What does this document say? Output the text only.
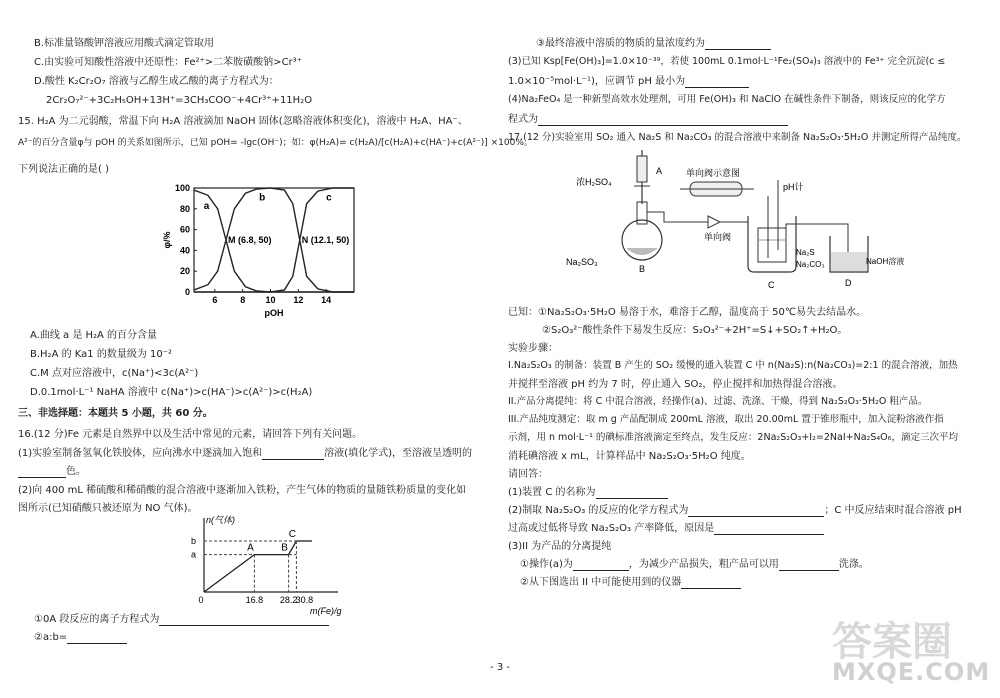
B.标准量铬酸钾溶液应用酸式滴定管取用
C.由实验可知酸性溶液中还原性：Fe²⁺>二苯胺磺酸钠>Cr³⁺
D.酸性 K₂Cr₂O₇ 溶液与乙醇生成乙酸的离子方程式为：
2Cr₂O₇²⁻+3C₂H₅OH+13H⁺=3CH₃COO⁻+4Cr³⁺+11H₂O
15. H₂A 为二元弱酸，常温下向 H₂A 溶液滴加 NaOH 固体(忽略溶液体积变化)，溶液中 H₂A、HA⁻、
A²⁻的百分含量φ与 pOH 的关系如图所示，已知 pOH= -lgc(OH⁻)；如：φ(H₂A)= c(H₂A)/[c(H₂A)+c(HA⁻)+c(A²⁻)] ×100%。
下列说法正确的是( )
0
20
40
60
80
100
6	8 10 12 14
pOH
φ/%
a
b	c
M (6.8, 50)	N (12.1, 50)
A.曲线 a 是 H₂A 的百分含量
B.H₂A 的 Ka1 的数量级为 10⁻²
C.M 点对应溶液中，c(Na⁺)<3c(A²⁻)
D.0.1mol·L⁻¹ NaHA 溶液中 c(Na⁺)>c(HA⁻)>c(A²⁻)>c(H₂A)
三、非选择题：本题共 5 小题，共 60 分。
16.(12 分)Fe 元素是自然界中以及生活中常见的元素，请回答下列有关问题。
(1)实验室制备氢氧化铁胶体，应向沸水中逐滴加入饱和	溶液(填化学式)，至溶液呈透明的
色。
(2)向 400 mL 稀硫酸和稀硝酸的混合溶液中逐渐加入铁粉，产生气体的物质的量随铁粉质量的变化如
图所示(已知硝酸只被还原为 NO 气体)。
n(气体)
m(Fe)/g
a
b
A	B
C
0	16.8 28.2
30.8
①0A 段反应的离子方程式为
②a:b=
③最终溶液中溶质的物质的量浓度约为
(3)已知 Ksp[Fe(OH)₃]=1.0×10⁻³⁹，若使 100mL 0.1mol·L⁻¹Fe₂(SO₄)₃ 溶液中的 Fe³⁺ 完全沉淀(c ≤
1.0×10⁻⁵mol·L⁻¹)，应调节 pH 最小为
(4)Na₂FeO₄ 是一种新型高效水处理剂，可用 Fe(OH)₃ 和 NaClO 在碱性条件下制备，则该反应的化学方
程式为
17.(12 分)实验室用 SO₂ 通入 Na₂S 和 Na₂CO₃ 的混合溶液中来制备 Na₂S₂O₃·5H₂O 并测定所得产品纯度。
A
浓H₂SO₄
Na₂SO₃
B
单向阀
单向阀示意图
pH计
Na₂S
Na₂CO₃
C	D
NaOH溶液
已知：①Na₂S₂O₃·5H₂O 易溶于水，难溶于乙醇，温度高于 50℃易失去结晶水。
②S₂O₃²⁻酸性条件下易发生反应：S₂O₃²⁻+2H⁺=S↓+SO₂↑+H₂O。
实验步骤：
I.Na₂S₂O₃ 的制备：装置 B 产生的 SO₂ 缓慢的通入装置 C 中 n(Na₂S):n(Na₂CO₃)=2:1 的混合溶液，加热
并搅拌至溶液 pH 约为 7 时，停止通入 SO₂，停止搅拌和加热得混合溶液。
II.产品分离提纯：将 C 中混合溶液，经操作(a)、过滤、洗涤、干燥，得到 Na₂S₂O₃·5H₂O 粗产品。
III.产品纯度测定：取 m g 产品配制成 200mL 溶液，取出 20.00mL 置于锥形瓶中，加入淀粉溶液作指
示剂，用 n mol·L⁻¹ 的碘标准溶液滴定至终点，发生反应：2Na₂S₂O₃+I₂=2NaI+Na₂S₄O₆，滴定三次平均
消耗碘溶液 x mL，计算样品中 Na₂S₂O₃·5H₂O 纯度。
请回答：
(1)装置 C 的名称为
(2)制取 Na₂S₂O₃ 的反应的化学方程式为	；C 中反应结束时混合溶液 pH
过高或过低将导致 Na₂S₂O₃ 产率降低，原因是
(3)II 为产品的分离提纯
①操作(a)为	，为减少产品损失，粗产品可以用	洗涤。
②从下图选出 II 中可能使用到的仪器
- 3 -
答案圈
MXQE.COM
